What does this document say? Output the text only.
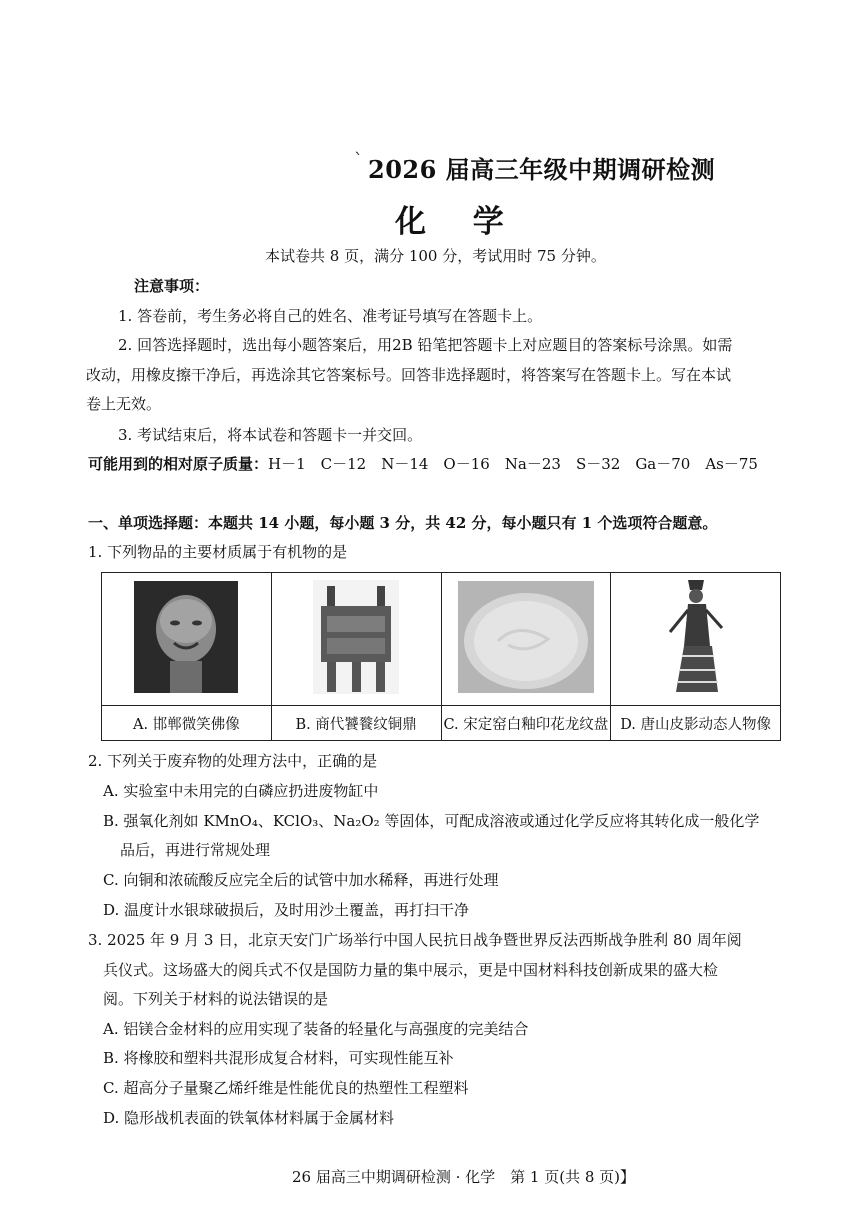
` 2026 届高三年级中期调研检测
化 学
本试卷共 8 页，满分 100 分，考试用时 75 分钟。
注意事项：
1. 答卷前，考生务必将自己的姓名、准考证号填写在答题卡上。
2. 回答选择题时，选出每小题答案后，用2B 铅笔把答题卡上对应题目的答案标号涂黑。如需
改动，用橡皮擦干净后，再选涂其它答案标号。回答非选择题时，将答案写在答题卡上。写在本试
卷上无效。
3. 考试结束后，将本试卷和答题卡一并交回。
可能用到的相对原子质量：H－1　C－12　N－14　O－16　Na－23　S－32　Ga－70　As－75
一、单项选择题：本题共 14 小题，每小题 3 分，共 42 分，每小题只有 1 个选项符合题意。
1. 下列物品的主要材质属于有机物的是

A. 邯郸微笑佛像	B. 商代饕餮纹铜鼎	C. 宋定窑白釉印花龙纹盘	D. 唐山皮影动态人物像
2. 下列关于废弃物的处理方法中，正确的是
A. 实验室中未用完的白磷应扔进废物缸中
B. 强氧化剂如 KMnO₄、KClO₃、Na₂O₂ 等固体，可配成溶液或通过化学反应将其转化成一般化学
品后，再进行常规处理
C. 向铜和浓硫酸反应完全后的试管中加水稀释，再进行处理
D. 温度计水银球破损后，及时用沙土覆盖，再打扫干净
3. 2025 年 9 月 3 日，北京天安门广场举行中国人民抗日战争暨世界反法西斯战争胜利 80 周年阅
兵仪式。这场盛大的阅兵式不仅是国防力量的集中展示，更是中国材料科技创新成果的盛大检
阅。下列关于材料的说法错误的是
A. 铝镁合金材料的应用实现了装备的轻量化与高强度的完美结合
B. 将橡胶和塑料共混形成复合材料，可实现性能互补
C. 超高分子量聚乙烯纤维是性能优良的热塑性工程塑料
D. 隐形战机表面的铁氧体材料属于金属材料
26 届高三中期调研检测 · 化学　第 1 页(共 8 页)】
